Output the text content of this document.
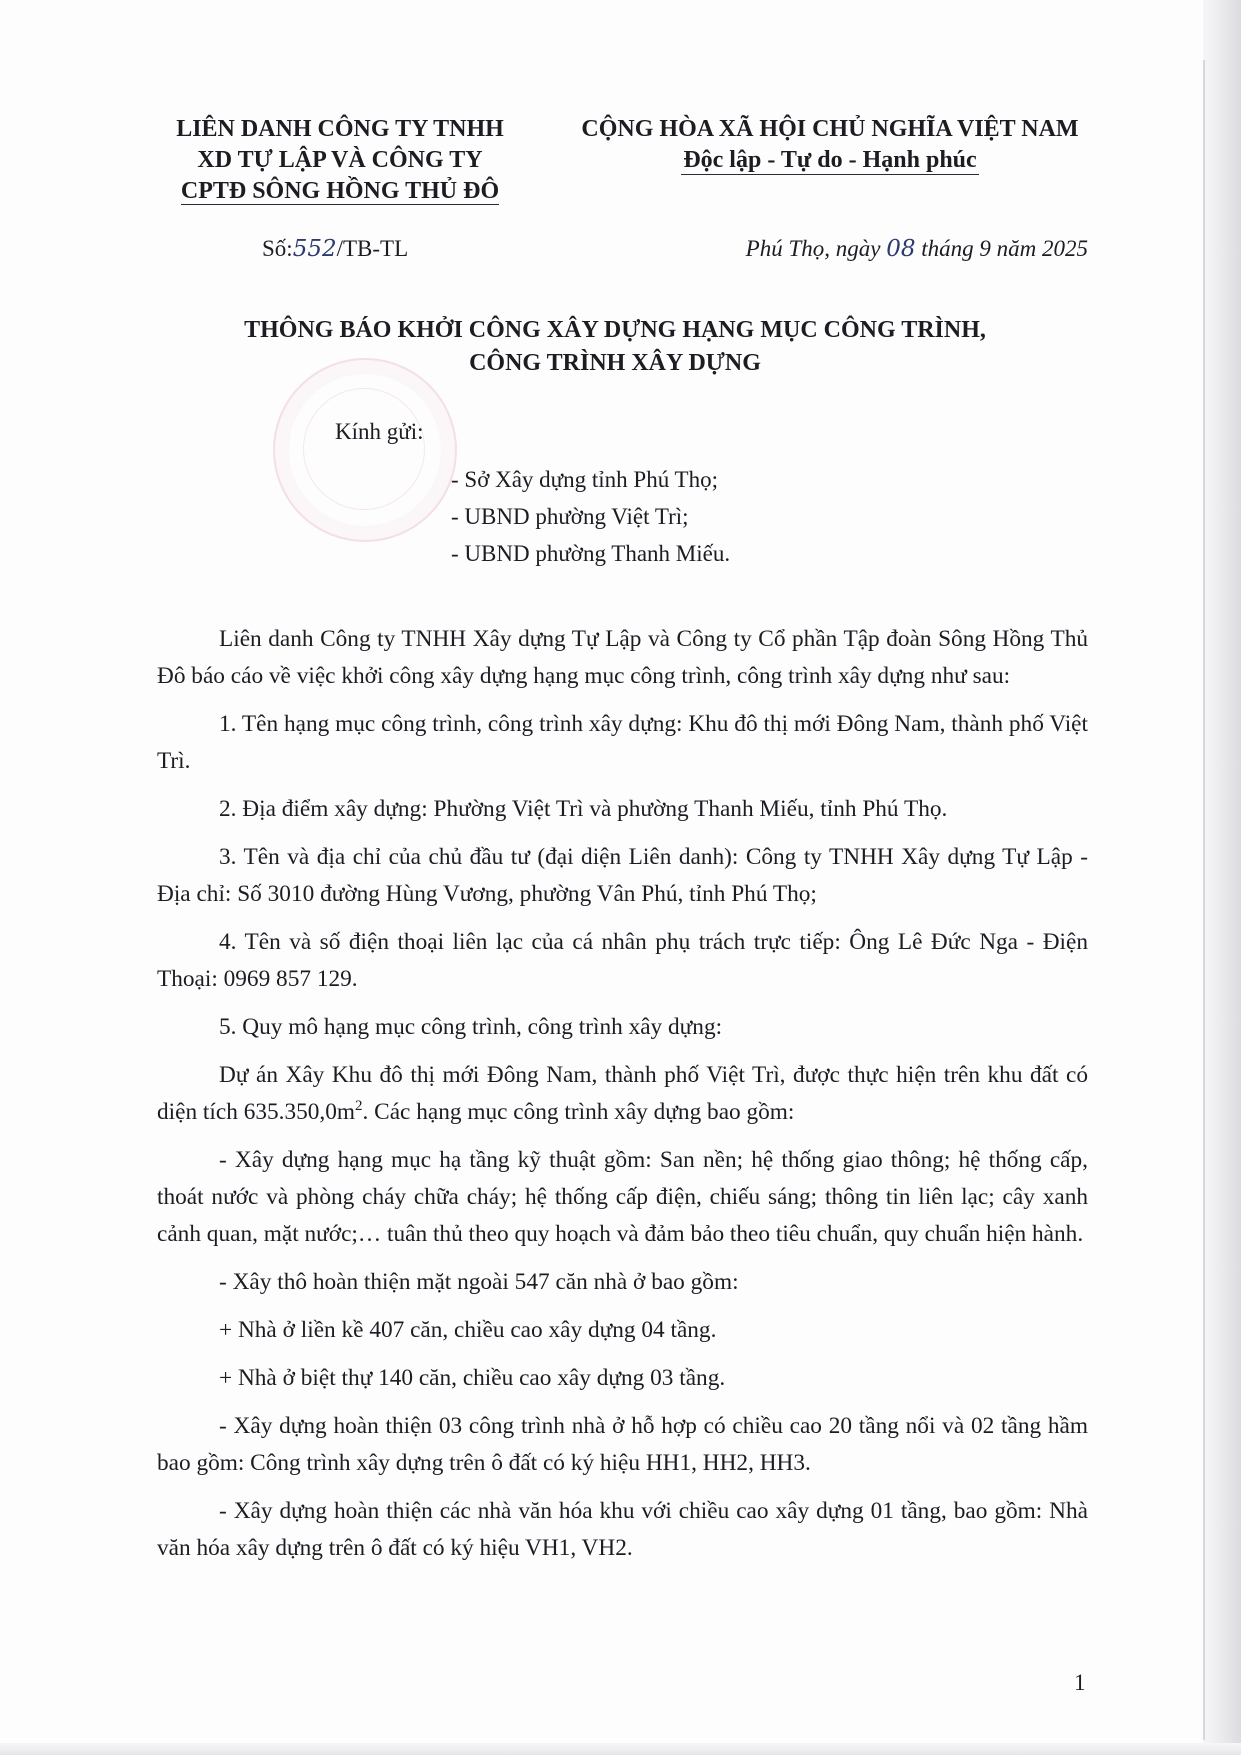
LIÊN DANH CÔNG TY TNHH
XD TỰ LẬP VÀ CÔNG TY
CPTĐ SÔNG HỒNG THỦ ĐÔ
CỘNG HÒA XÃ HỘI CHỦ NGHĨA VIỆT NAM
Độc lập - Tự do - Hạnh phúc
Số:552/TB-TL	Phú Thọ, ngày 08 tháng 9 năm 2025
THÔNG BÁO KHỞI CÔNG XÂY DỰNG HẠNG MỤC CÔNG TRÌNH,
CÔNG TRÌNH XÂY DỰNG
Kính gửi:
- Sở Xây dựng tỉnh Phú Thọ;
- UBND phường Việt Trì;
- UBND phường Thanh Miếu.

Liên danh Công ty TNHH Xây dựng Tự Lập và Công ty Cổ phần Tập đoàn Sông Hồng Thủ Đô báo cáo về việc khởi công xây dựng hạng mục công trình, công trình xây dựng như sau:

1. Tên hạng mục công trình, công trình xây dựng: Khu đô thị mới Đông Nam, thành phố Việt Trì.

2. Địa điểm xây dựng: Phường Việt Trì và phường Thanh Miếu, tỉnh Phú Thọ.

3. Tên và địa chỉ của chủ đầu tư (đại diện Liên danh): Công ty TNHH Xây dựng Tự Lập - Địa chỉ: Số 3010 đường Hùng Vương, phường Vân Phú, tỉnh Phú Thọ;

4. Tên và số điện thoại liên lạc của cá nhân phụ trách trực tiếp: Ông Lê Đức Nga - Điện Thoại: 0969 857 129.

5. Quy mô hạng mục công trình, công trình xây dựng:

Dự án Xây Khu đô thị mới Đông Nam, thành phố Việt Trì, được thực hiện trên khu đất có diện tích $635.350,0m^2$. Các hạng mục công trình xây dựng bao gồm:

- Xây dựng hạng mục hạ tầng kỹ thuật gồm: San nền; hệ thống giao thông; hệ thống cấp, thoát nước và phòng cháy chữa cháy; hệ thống cấp điện, chiếu sáng; thông tin liên lạc; cây xanh cảnh quan, mặt nước;… tuân thủ theo quy hoạch và đảm bảo theo tiêu chuẩn, quy chuẩn hiện hành.

- Xây thô hoàn thiện mặt ngoài 547 căn nhà ở bao gồm:

+ Nhà ở liền kề 407 căn, chiều cao xây dựng 04 tầng.

+ Nhà ở biệt thự 140 căn, chiều cao xây dựng 03 tầng.

- Xây dựng hoàn thiện 03 công trình nhà ở hỗ hợp có chiều cao 20 tầng nổi và 02 tầng hầm bao gồm: Công trình xây dựng trên ô đất có ký hiệu HH1, HH2, HH3.

- Xây dựng hoàn thiện các nhà văn hóa khu với chiều cao xây dựng 01 tầng, bao gồm: Nhà văn hóa xây dựng trên ô đất có ký hiệu VH1, VH2.

1
